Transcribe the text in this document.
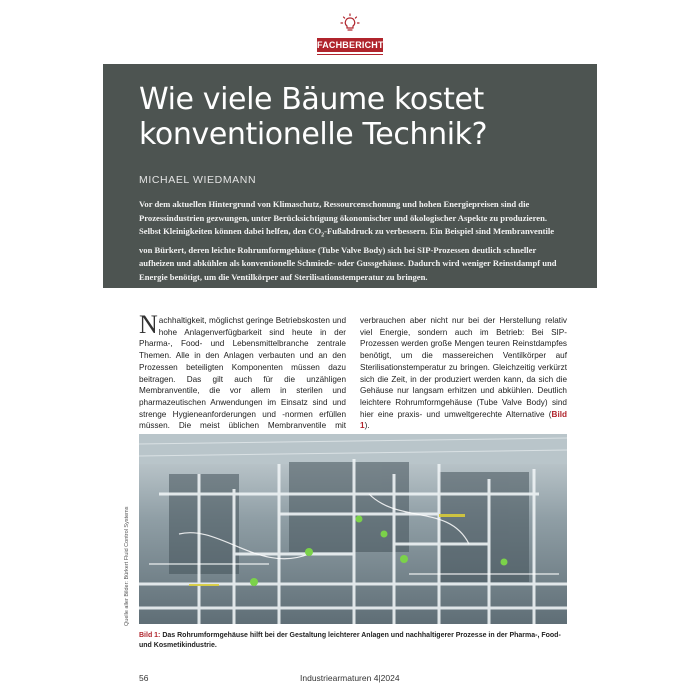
FACHBERICHT
Wie viele Bäume kostet
konventionelle Technik?
MICHAEL WIEDMANN
Vor dem aktuellen Hintergrund von Klimaschutz, Ressourcenschonung und hohen Energiepreisen sind die Prozessindustrien gezwungen, unter Berücksichtigung ökonomischer und ökologischer Aspekte zu produzieren. Selbst Kleinigkeiten können dabei helfen, den $CO_2$-Fußabdruck zu verbessern. Ein Beispiel sind Membranventile von Bürkert, deren leichte Rohrumformgehäuse (Tube Valve Body) sich bei SIP-Prozessen deutlich schneller aufheizen und abkühlen als konventionelle Schmiede- oder Gussgehäuse. Dadurch wird weniger Reinstdampf und Energie benötigt, um die Ventilkörper auf Sterilisationstemperatur zu bringen.

Nachhaltigkeit, möglichst geringe Betriebskosten und hohe Anlagenverfügbarkeit sind heute in der Pharma-, Food- und Lebensmittelbranche zentrale Themen. Alle in den Anlagen verbauten und an den Prozessen beteiligten Komponenten müssen dazu beitragen. Das gilt auch für die unzähligen Membranventile, die vor allem in sterilen und pharmazeutischen Anwendungen im Einsatz sind und strenge Hygieneanforderungen und -normen erfüllen müssen. Die meist üblichen Membranventile mit verbrauchen aber nicht nur bei der Herstellung relativ viel Energie, sondern auch im Betrieb: Bei SIP-Prozessen werden große Mengen teuren Reinstdampfes benötigt, um die massereichen Ventilkörper auf Sterilisationstemperatur zu bringen. Gleichzeitig verkürzt sich die Zeit, in der produziert werden kann, da sich die Gehäuse nur langsam erhitzen und abkühlen. Deutlich leichtere Rohrumformgehäuse (Tube Valve Body) sind hier eine praxis- und umweltgerechte Alternative (Bild 1).

Quelle aller Bilder: Bürkert Fluid Control Systems
Bild 1: Das Rohrumformgehäuse hilft bei der Gestaltung leichterer Anlagen und nachhaltigerer Prozesse in der Pharma-, Food- und Kosmetikindustrie.
56	Industriearmaturen 4|2024
